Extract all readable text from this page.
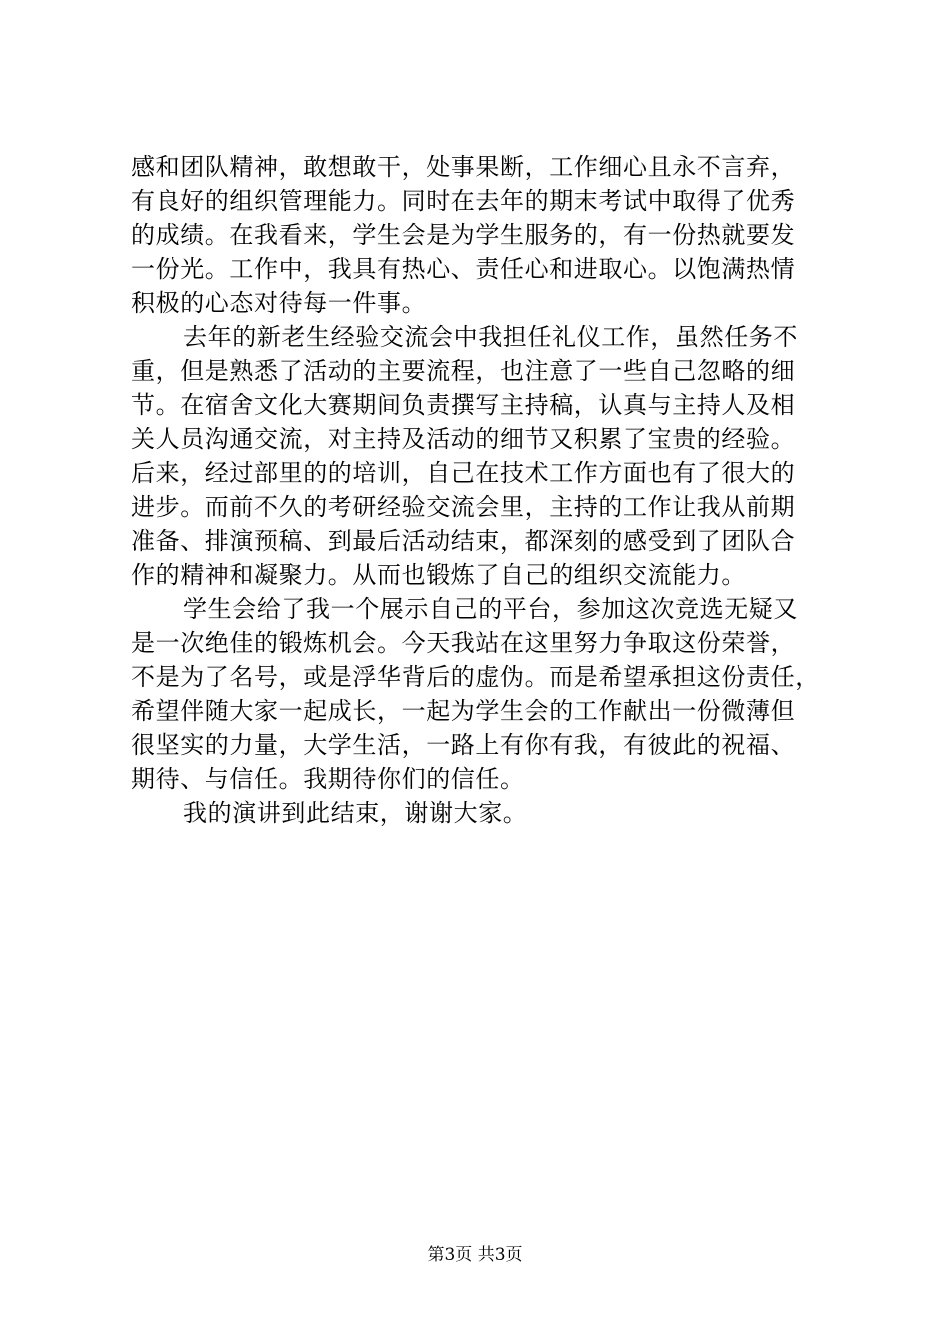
感和团队精神，敢想敢干，处事果断，工作细心且永不言弃，
有良好的组织管理能力。同时在去年的期末考试中取得了优秀
的成绩。在我看来，学生会是为学生服务的，有一份热就要发
一份光。工作中，我具有热心、责任心和进取心。以饱满热情
积极的心态对待每一件事。
去年的新老生经验交流会中我担任礼仪工作，虽然任务不
重，但是熟悉了活动的主要流程，也注意了一些自己忽略的细
节。在宿舍文化大赛期间负责撰写主持稿，认真与主持人及相
关人员沟通交流，对主持及活动的细节又积累了宝贵的经验。
后来，经过部里的的培训，自己在技术工作方面也有了很大的
进步。而前不久的考研经验交流会里，主持的工作让我从前期
准备、排演预稿、到最后活动结束，都深刻的感受到了团队合
作的精神和凝聚力。从而也锻炼了自己的组织交流能力。
学生会给了我一个展示自己的平台，参加这次竞选无疑又
是一次绝佳的锻炼机会。今天我站在这里努力争取这份荣誉，
不是为了名号，或是浮华背后的虚伪。而是希望承担这份责任，
希望伴随大家一起成长，一起为学生会的工作献出一份微薄但
很坚实的力量，大学生活，一路上有你有我，有彼此的祝福、
期待、与信任。我期待你们的信任。
我的演讲到此结束，谢谢大家。
第3页 共3页
